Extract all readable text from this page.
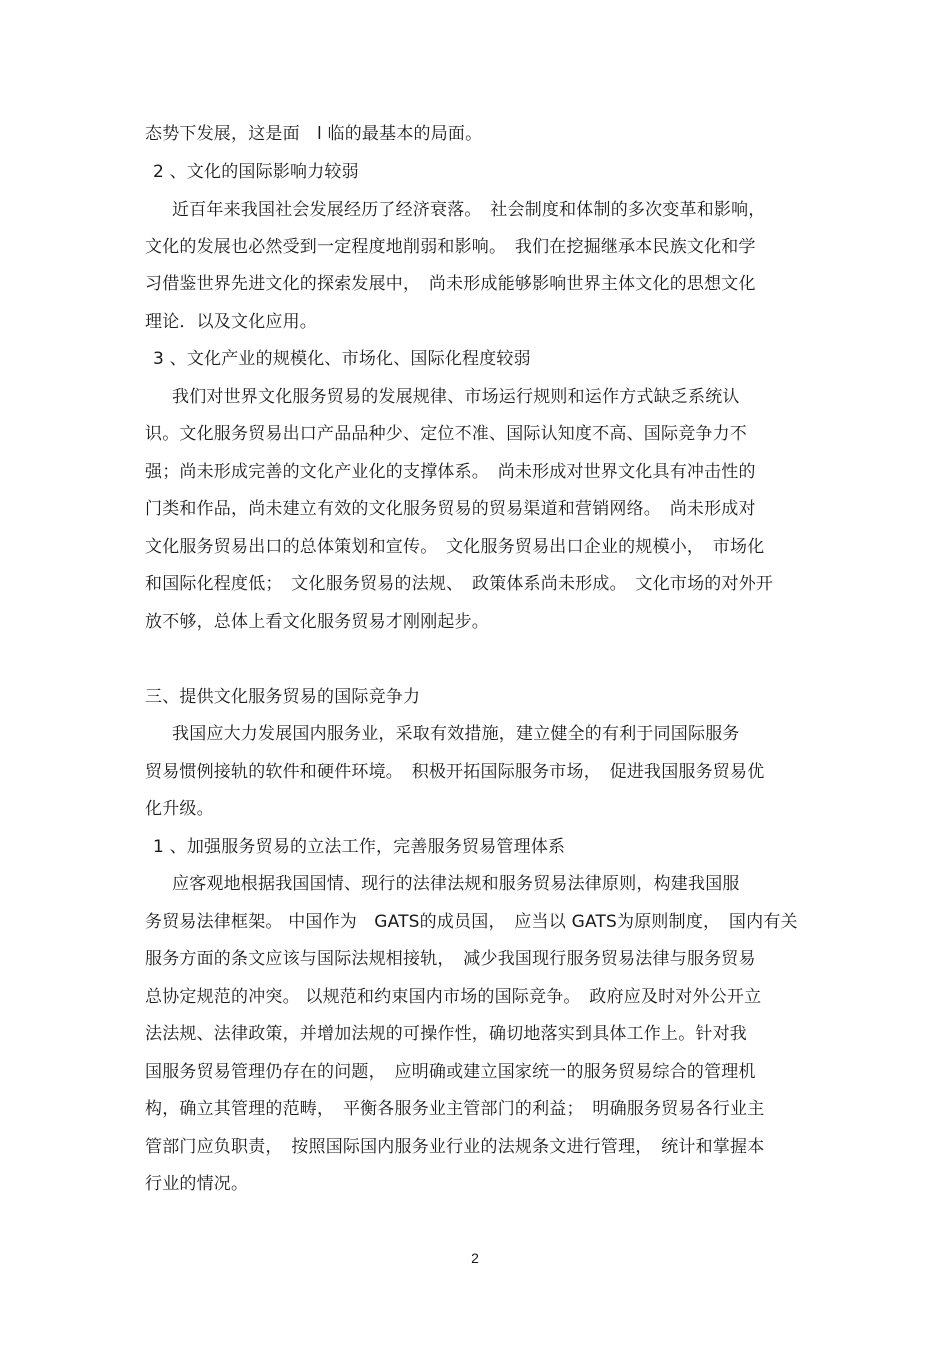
态势下发展，这是面　l 临的最基本的局面。
2 、文化的国际影响力较弱
近百年来我国社会发展经历了经济衰落。　社会制度和体制的多次变革和影响，
文化的发展也必然受到一定程度地削弱和影响。　我们在挖掘继承本民族文化和学
习借鉴世界先进文化的探索发展中，　尚未形成能够影响世界主体文化的思想文化
理论．以及文化应用。
3 、文化产业的规模化、市场化、国际化程度较弱
我们对世界文化服务贸易的发展规律、市场运行规则和运作方式缺乏系统认
识。文化服务贸易出口产品品种少、定位不准、国际认知度不高、国际竞争力不
强；尚未形成完善的文化产业化的支撑体系。　尚未形成对世界文化具有冲击性的
门类和作品，尚未建立有效的文化服务贸易的贸易渠道和营销网络。　尚未形成对
文化服务贸易出口的总体策划和宣传。　文化服务贸易出口企业的规模小，　市场化
和国际化程度低；　文化服务贸易的法规、　政策体系尚未形成。　文化市场的对外开
放不够，总体上看文化服务贸易才刚刚起步。
三、提供文化服务贸易的国际竞争力
我国应大力发展国内服务业，采取有效措施，建立健全的有利于同国际服务
贸易惯例接轨的软件和硬件环境。　积极开拓国际服务市场，　促进我国服务贸易优
化升级。
1 、加强服务贸易的立法工作，完善服务贸易管理体系
应客观地根据我国国情、现行的法律法规和服务贸易法律原则，构建我国服
务贸易法律框架。 中国作为　GATS的成员国，　应当以 GATS为原则制度，　国内有关
服务方面的条文应该与国际法规相接轨，　减少我国现行服务贸易法律与服务贸易
总协定规范的冲突。 以规范和约束国内市场的国际竞争。　政府应及时对外公开立
法法规、法律政策，并增加法规的可操作性，确切地落实到具体工作上。针对我
国服务贸易管理仍存在的问题，　应明确或建立国家统一的服务贸易综合的管理机
构，确立其管理的范畴，　平衡各服务业主管部门的利益；　明确服务贸易各行业主
管部门应负职责，　按照国际国内服务业行业的法规条文进行管理，　统计和掌握本
行业的情况。
2
